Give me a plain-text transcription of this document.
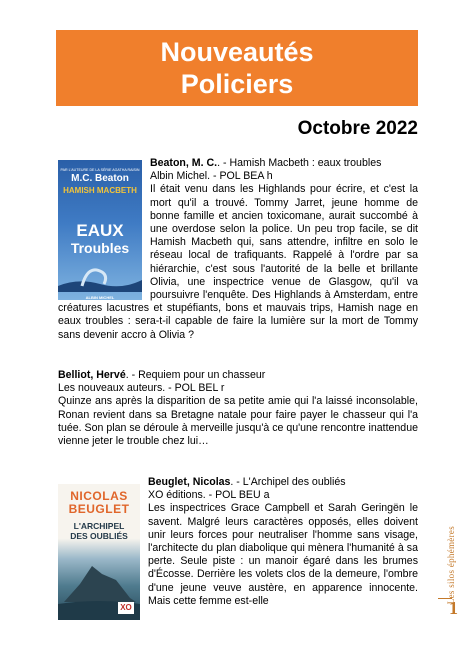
Nouveautés
Policiers
Octobre 2022
PAR L'AUTEURE DE LA SÉRIE AGATHA RAISIN
M.C. Beaton
HAMISH MACBETH
EAUX
Troubles
ALBIN MICHEL

Beaton, M. C.. - Hamish Macbeth : eaux troubles
Albin Michel. - POL BEA h
Il était venu dans les Highlands pour écrire, et c'est la mort qu'il a trouvé. Tommy Jarret, jeune homme de bonne famille et ancien toxicomane, aurait succombé à une overdose selon la police. Un peu trop facile, se dit Hamish Macbeth qui, sans attendre, infiltre en solo le réseau local de trafiquants. Rappelé à l'ordre par sa hiérarchie, c'est sous l'autorité de la belle et brillante Olivia, une inspectrice venue de Glasgow, qu'il va poursuivre l'enquête. Des Highlands à Amsterdam, entre créatures lacustres et stupéfiants, bons et mauvais trips, Hamish nage en eaux troubles : sera-t-il capable de faire la lumière sur la mort de Tommy sans devenir accro à Olivia ?

Belliot, Hervé. - Requiem pour un chasseur
Les nouveaux auteurs. - POL BEL r
Quinze ans après la disparition de sa petite amie qui l'a laissé inconsolable, Ronan revient dans sa Bretagne natale pour faire payer le chasseur qui l'a tuée. Son plan se déroule à merveille jusqu'à ce qu'une rencontre inattendue vienne jeter le trouble chez lui…

NICOLAS
BEUGLET
L'ARCHIPEL
DES OUBLIÉS
XO

Beuglet, Nicolas. - L'Archipel des oubliés
XO éditions. - POL BEU a
Les inspectrices Grace Campbell et Sarah Geringën le savent. Malgré leurs caractères opposés, elles doivent unir leurs forces pour neutraliser l'homme sans visage, l'architecte du plan diabolique qui mènera l'humanité à sa perte. Seule piste : un manoir égaré dans les brumes d'Écosse. Derrière les volets clos de la demeure, l'ombre d'une jeune veuve austère, en apparence innocente. Mais cette femme est-elle	Les silos éphémères
1
